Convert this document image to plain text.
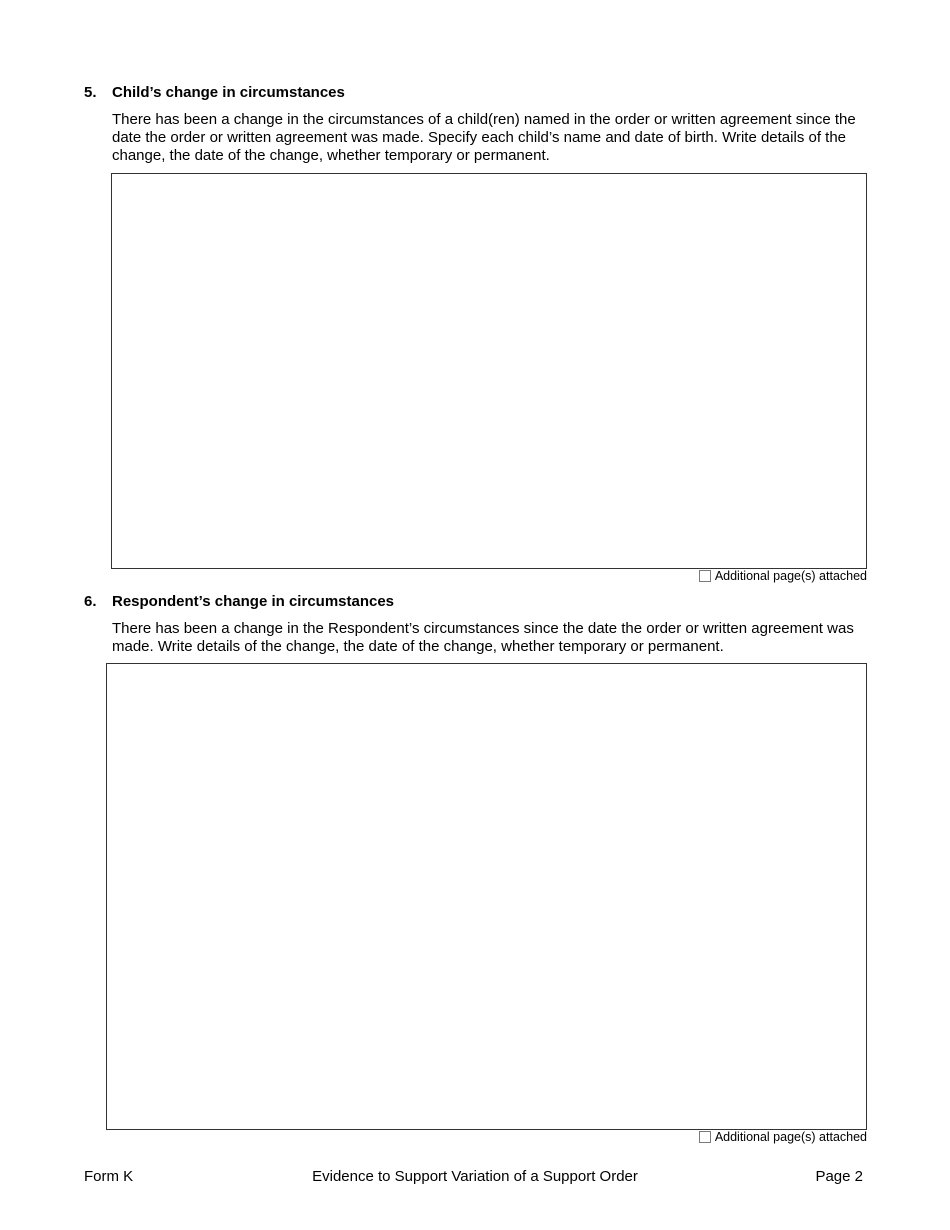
5. Child’s change in circumstances
There has been a change in the circumstances of a child(ren) named in the order or written agreement since the date the order or written agreement was made. Specify each child’s name and date of birth. Write details of the change, the date of the change, whether temporary or permanent.
Additional page(s) attached
6. Respondent’s change in circumstances
There has been a change in the Respondent’s circumstances since the date the order or written agreement was made. Write details of the change, the date of the change, whether temporary or permanent.
Additional page(s) attached
Form K	Evidence to Support Variation of a Support Order	Page 2
